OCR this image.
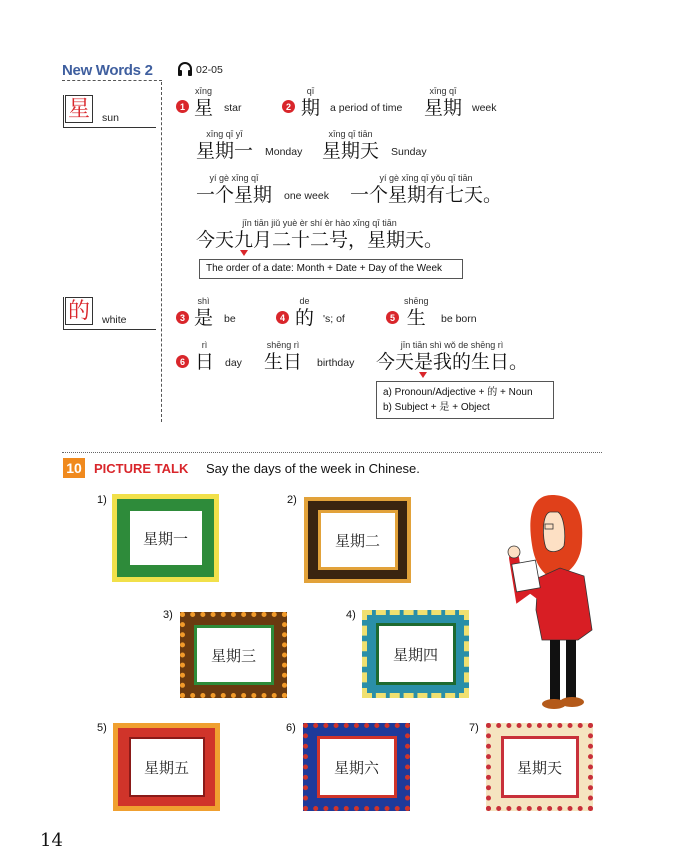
New Words 2	02-05
星 sun
的 white
1
xīng
星 star	2
qī
期 a period of time
xīng qī
星期 week
xīng qī yī
星期一 Monday
xīng qī tiān
星期天 Sunday
yí gè xīng qī
一个星期 one week
yí gè xīng qī yǒu qī tiān
一个星期有七天。
jīn tiān jiǔ yuè èr shí èr hào xīng qī tiān
今天九月二十二号，星期天。
The order of a date: Month + Date + Day of the Week
3
shì
是 be	4
de
的 's; of	5
shēng
生 be born
6
rì
日 day
shēng rì
生日 birthday
jīn tiān shì wǒ de shēng rì
今天是我的生日。
a) Pronoun/Adjective + 的 + Noun
b) Subject + 是 + Object
10 PICTURE TALK Say the days of the week in Chinese.
1)
星期一
2)
星期二
3)
星期三
4)
星期四
5)
星期五
6)
星期六
7)
星期天
14
